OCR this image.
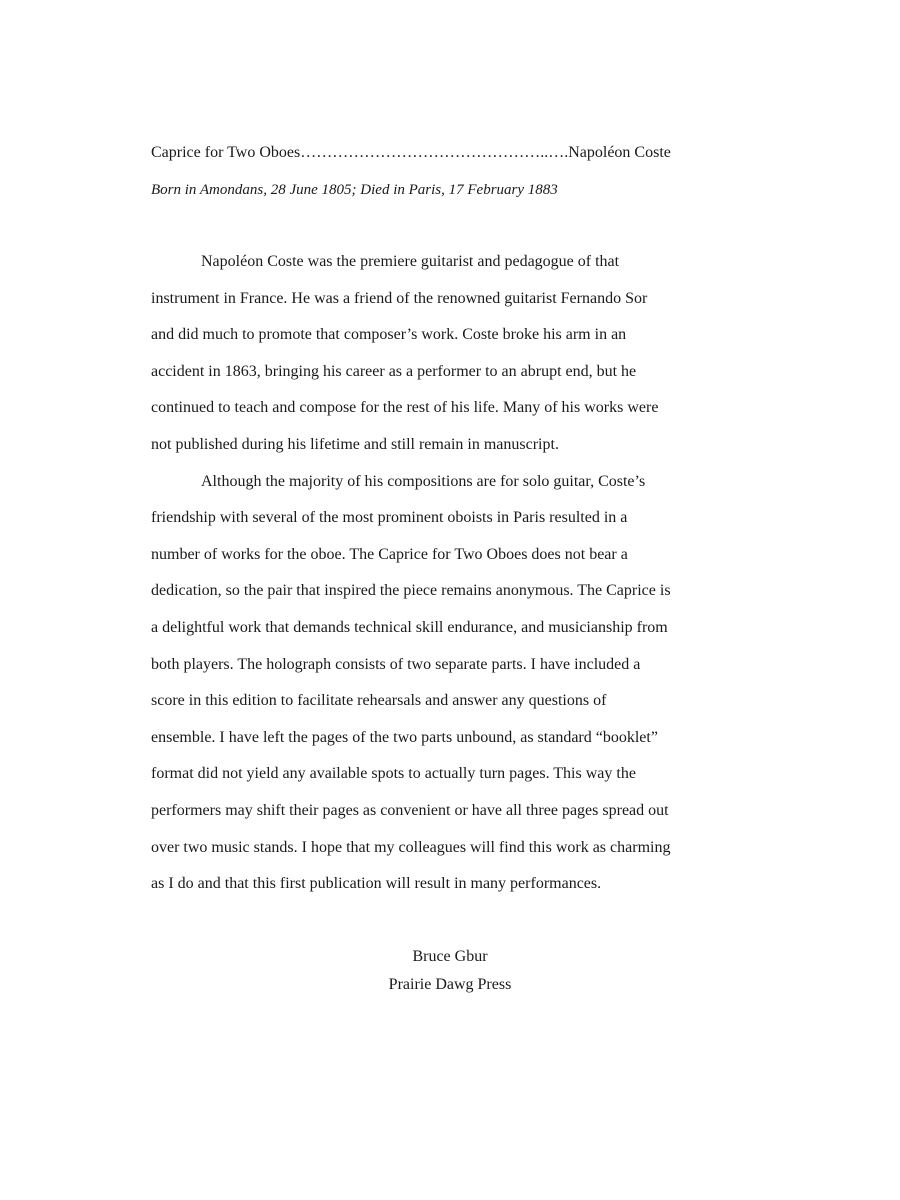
Caprice for Two Oboes………………………………………..….Napoléon Coste
Born in Amondans, 28 June 1805; Died in Paris, 17 February 1883
Napoléon Coste was the premiere guitarist and pedagogue of that
instrument in France. He was a friend of the renowned guitarist Fernando Sor
and did much to promote that composer’s work. Coste broke his arm in an
accident in 1863, bringing his career as a performer to an abrupt end, but he
continued to teach and compose for the rest of his life. Many of his works were
not published during his lifetime and still remain in manuscript.
Although the majority of his compositions are for solo guitar, Coste’s
friendship with several of the most prominent oboists in Paris resulted in a
number of works for the oboe. The Caprice for Two Oboes does not bear a
dedication, so the pair that inspired the piece remains anonymous. The Caprice is
a delightful work that demands technical skill endurance, and musicianship from
both players. The holograph consists of two separate parts. I have included a
score in this edition to facilitate rehearsals and answer any questions of
ensemble. I have left the pages of the two parts unbound, as standard “booklet”
format did not yield any available spots to actually turn pages. This way the
performers may shift their pages as convenient or have all three pages spread out
over two music stands. I hope that my colleagues will find this work as charming
as I do and that this first publication will result in many performances.
Bruce Gbur
Prairie Dawg Press
